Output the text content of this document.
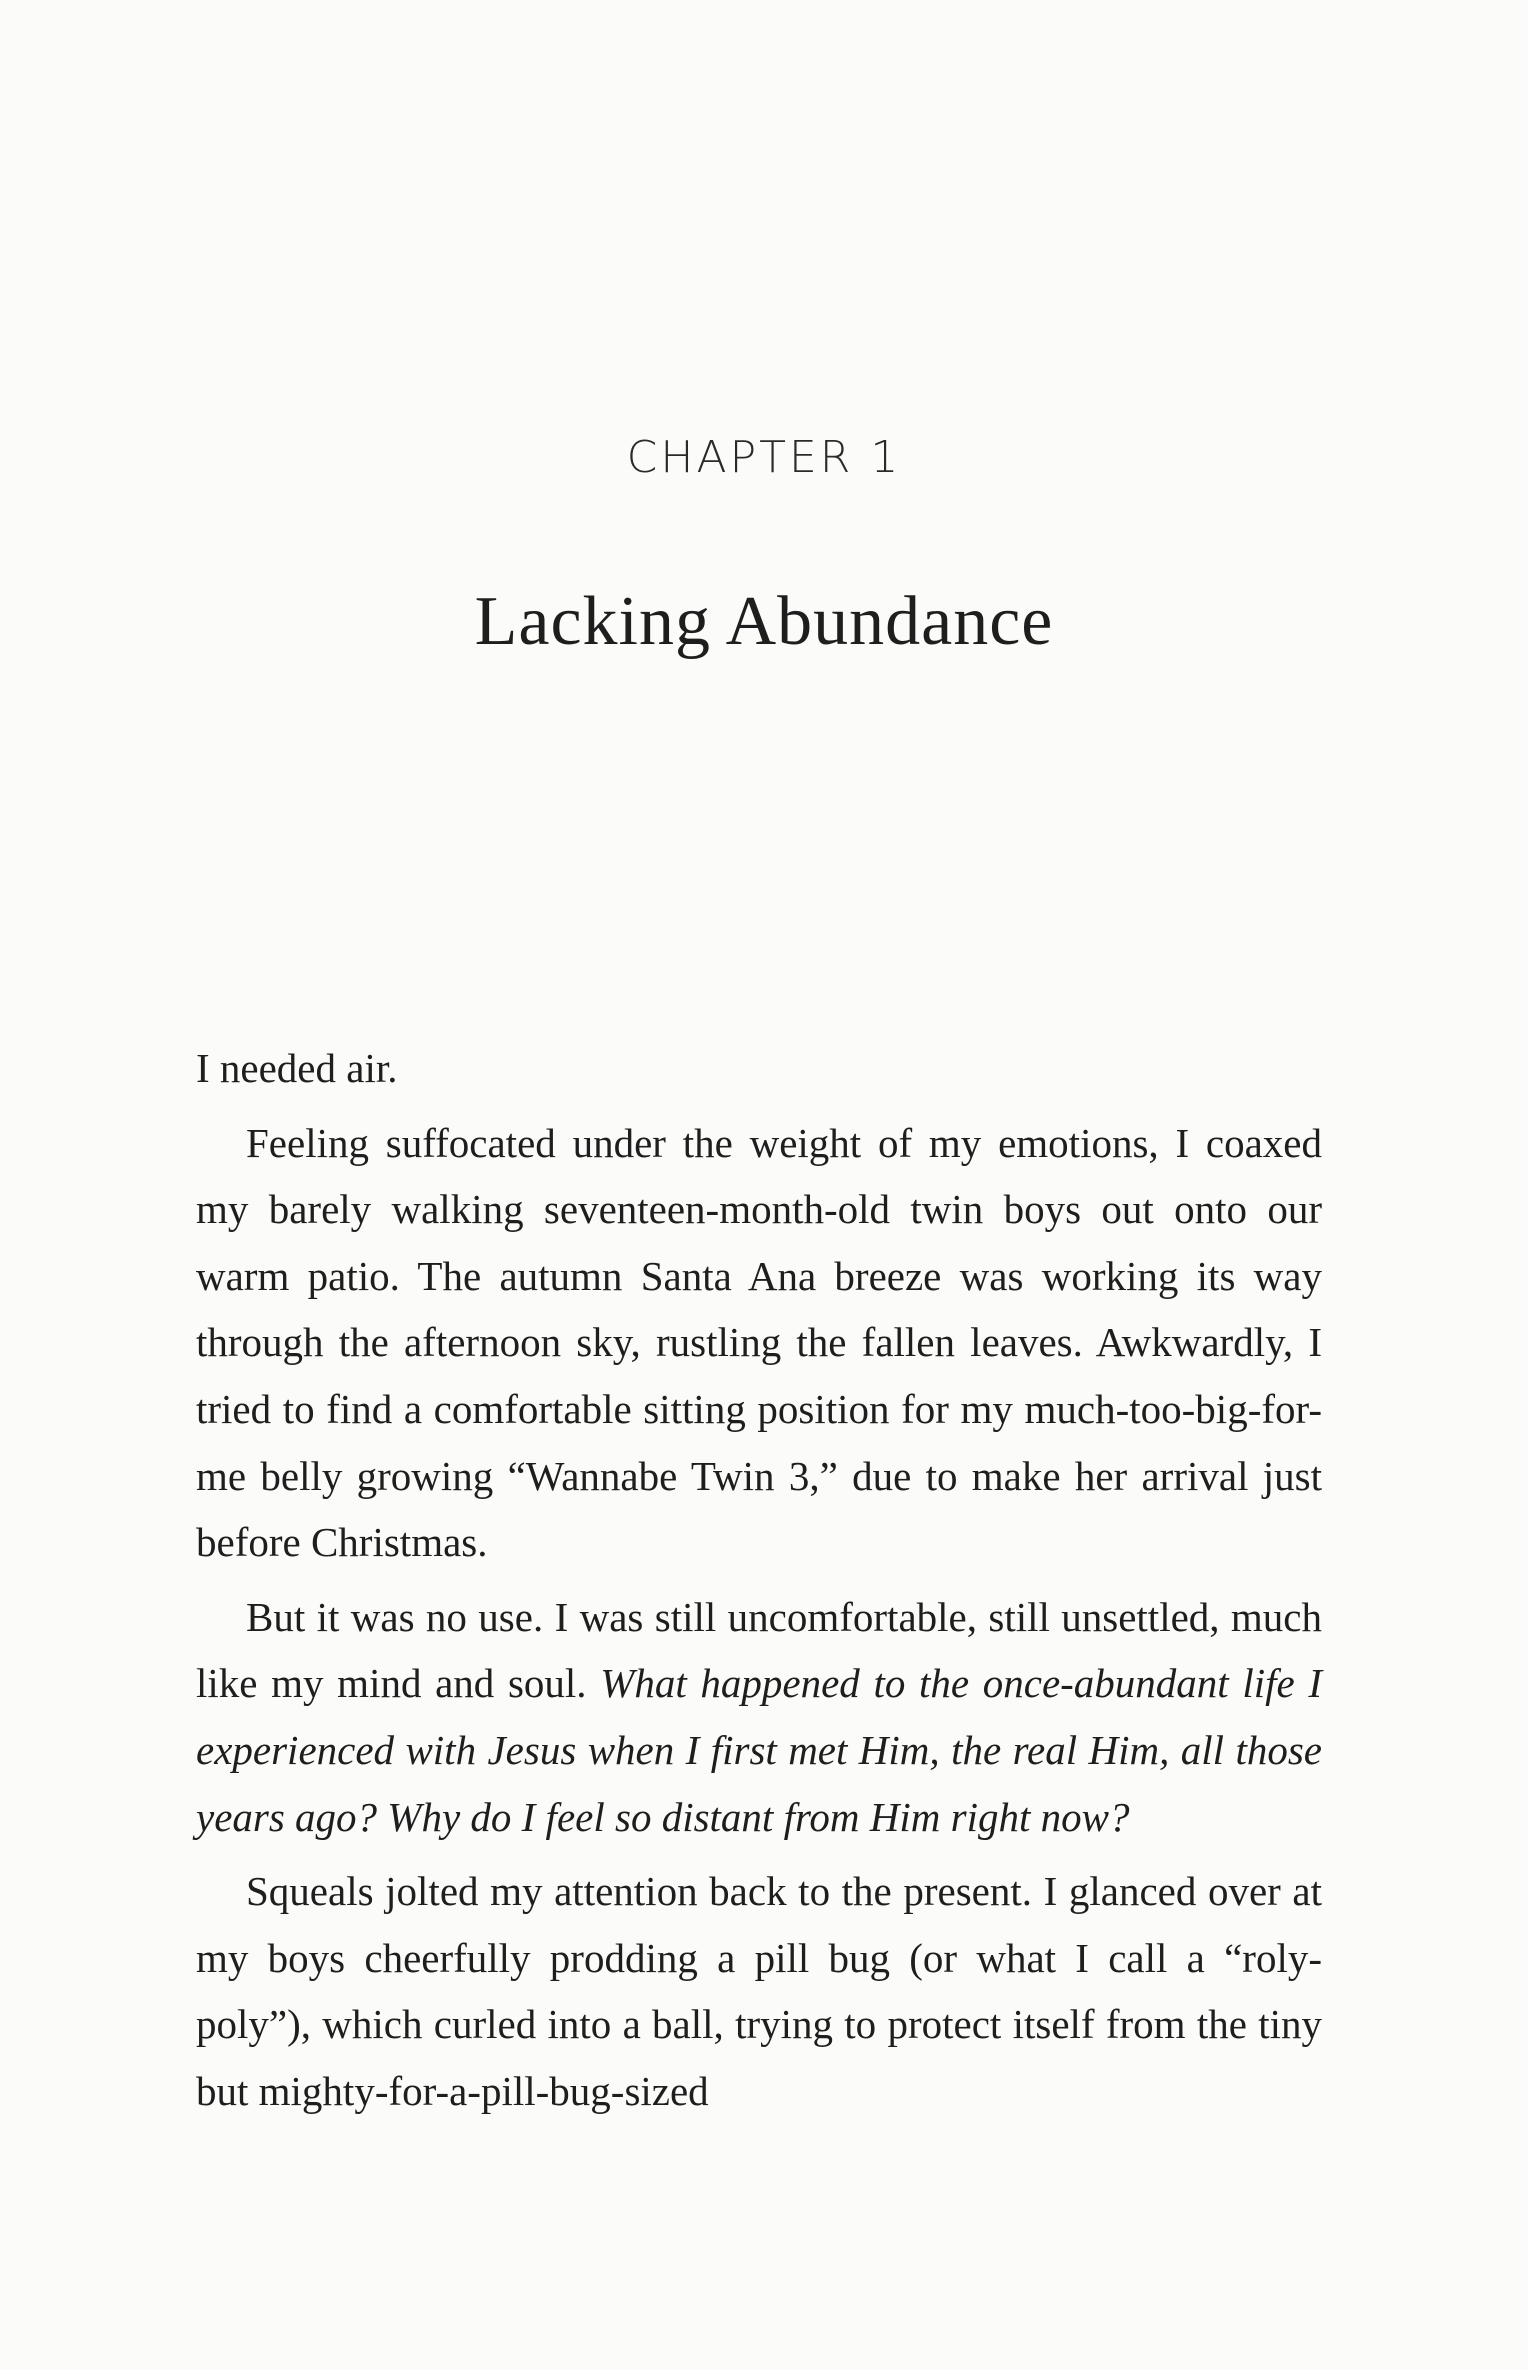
CHAPTER 1
Lacking Abundance

I needed air.

Feeling suffocated under the weight of my emotions, I coaxed my barely walking seventeen-month-old twin boys out onto our warm patio. The autumn Santa Ana breeze was working its way through the afternoon sky, rustling the fallen leaves. Awkwardly, I tried to find a comfortable sitting position for my much-too-big-for-me belly growing “Wannabe Twin 3,” due to make her arrival just before Christmas.

But it was no use. I was still uncomfortable, still unsettled, much like my mind and soul. What happened to the once-abundant life I experienced with Jesus when I first met Him, the real Him, all those years ago? Why do I feel so distant from Him right now?

Squeals jolted my attention back to the present. I glanced over at my boys cheerfully prodding a pill bug (or what I call a “roly-poly”), which curled into a ball, trying to protect itself from the tiny but mighty-for-a-pill-bug-sized
